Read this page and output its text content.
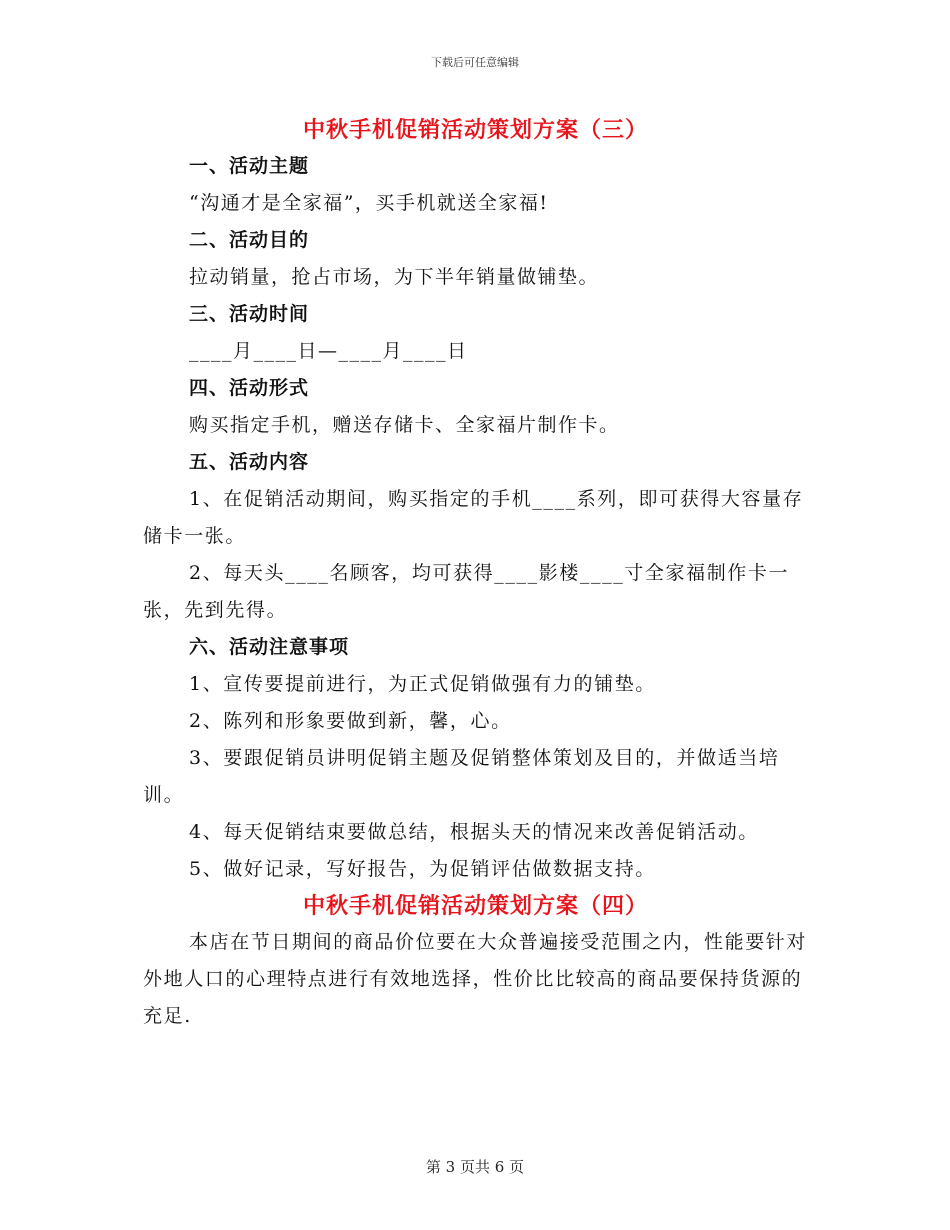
下载后可任意编辑
中秋手机促销活动策划方案（三）
一、活动主题
“沟通才是全家福”，买手机就送全家福!
二、活动目的
拉动销量，抢占市场，为下半年销量做铺垫。
三、活动时间
____月____日—____月____日
四、活动形式
购买指定手机，赠送存储卡、全家福片制作卡。
五、活动内容
1、在促销活动期间，购买指定的手机____系列，即可获得大容量存储卡一张。
2、每天头____名顾客，均可获得____影楼____寸全家福制作卡一张，先到先得。
六、活动注意事项
1、宣传要提前进行，为正式促销做强有力的铺垫。
2、陈列和形象要做到新，馨，心。
3、要跟促销员讲明促销主题及促销整体策划及目的，并做适当培训。
4、每天促销结束要做总结，根据头天的情况来改善促销活动。
5、做好记录，写好报告，为促销评估做数据支持。
中秋手机促销活动策划方案（四）
本店在节日期间的商品价位要在大众普遍接受范围之内，性能要针对外地人口的心理特点进行有效地选择，性价比比较高的商品要保持货源的充足.
第 3 页共 6 页
